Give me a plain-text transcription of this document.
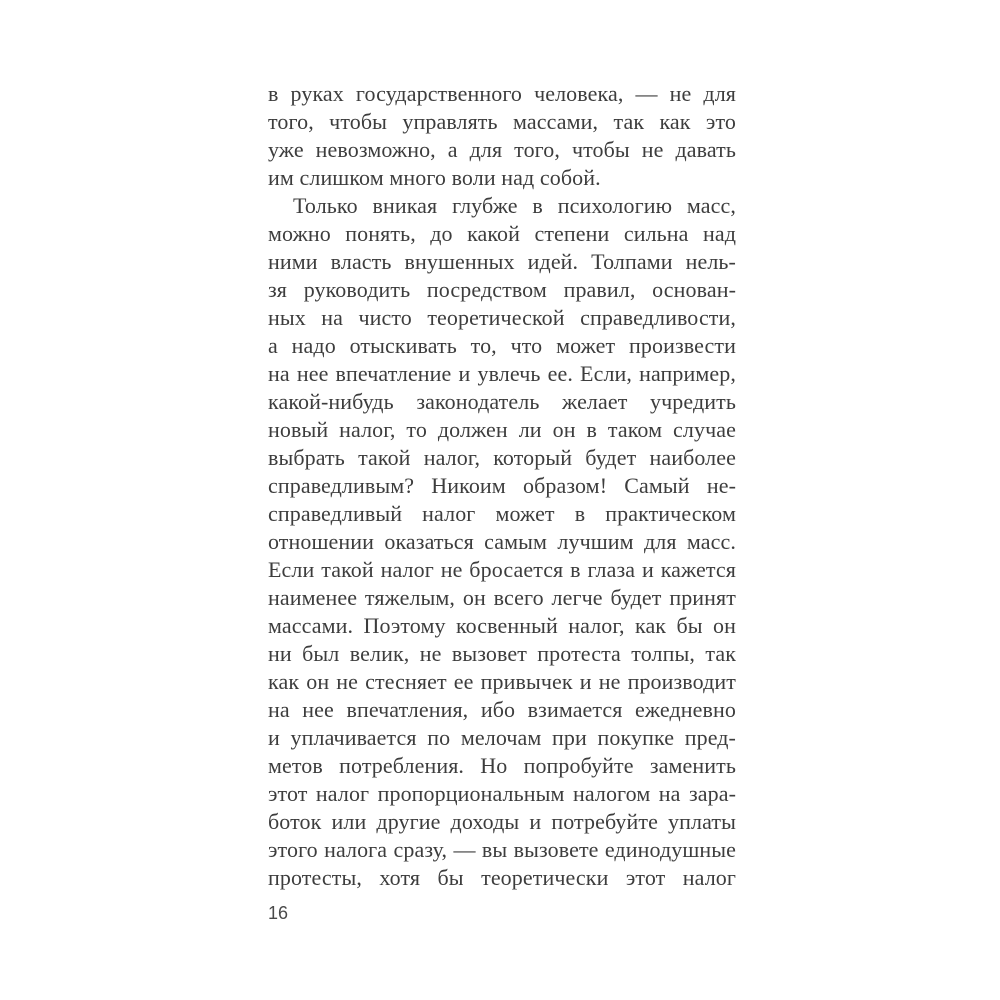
в руках государственного человека, — не для
того, чтобы управлять массами, так как это
уже невозможно, а для того, чтобы не давать
им слишком много воли над собой.
Только вникая глубже в психологию масс,
можно понять, до какой степени сильна над
ними власть внушенных идей. Толпами нель-
зя руководить посредством правил, основан-
ных на чисто теоретической справедливости,
а надо отыскивать то, что может произвести
на нее впечатление и увлечь ее. Если, например,
какой-нибудь законодатель желает учредить
новый налог, то должен ли он в таком случае
выбрать такой налог, который будет наиболее
справедливым? Никоим образом! Самый не-
справедливый налог может в практическом
отношении оказаться самым лучшим для масс.
Если такой налог не бросается в глаза и кажется
наименее тяжелым, он всего легче будет принят
массами. Поэтому косвенный налог, как бы он
ни был велик, не вызовет протеста толпы, так
как он не стесняет ее привычек и не производит
на нее впечатления, ибо взимается ежедневно
и уплачивается по мелочам при покупке пред-
метов потребления. Но попробуйте заменить
этот налог пропорциональным налогом на зара-
боток или другие доходы и потребуйте уплаты
этого налога сразу, — вы вызовете единодушные
протесты, хотя бы теоретически этот налог
16
